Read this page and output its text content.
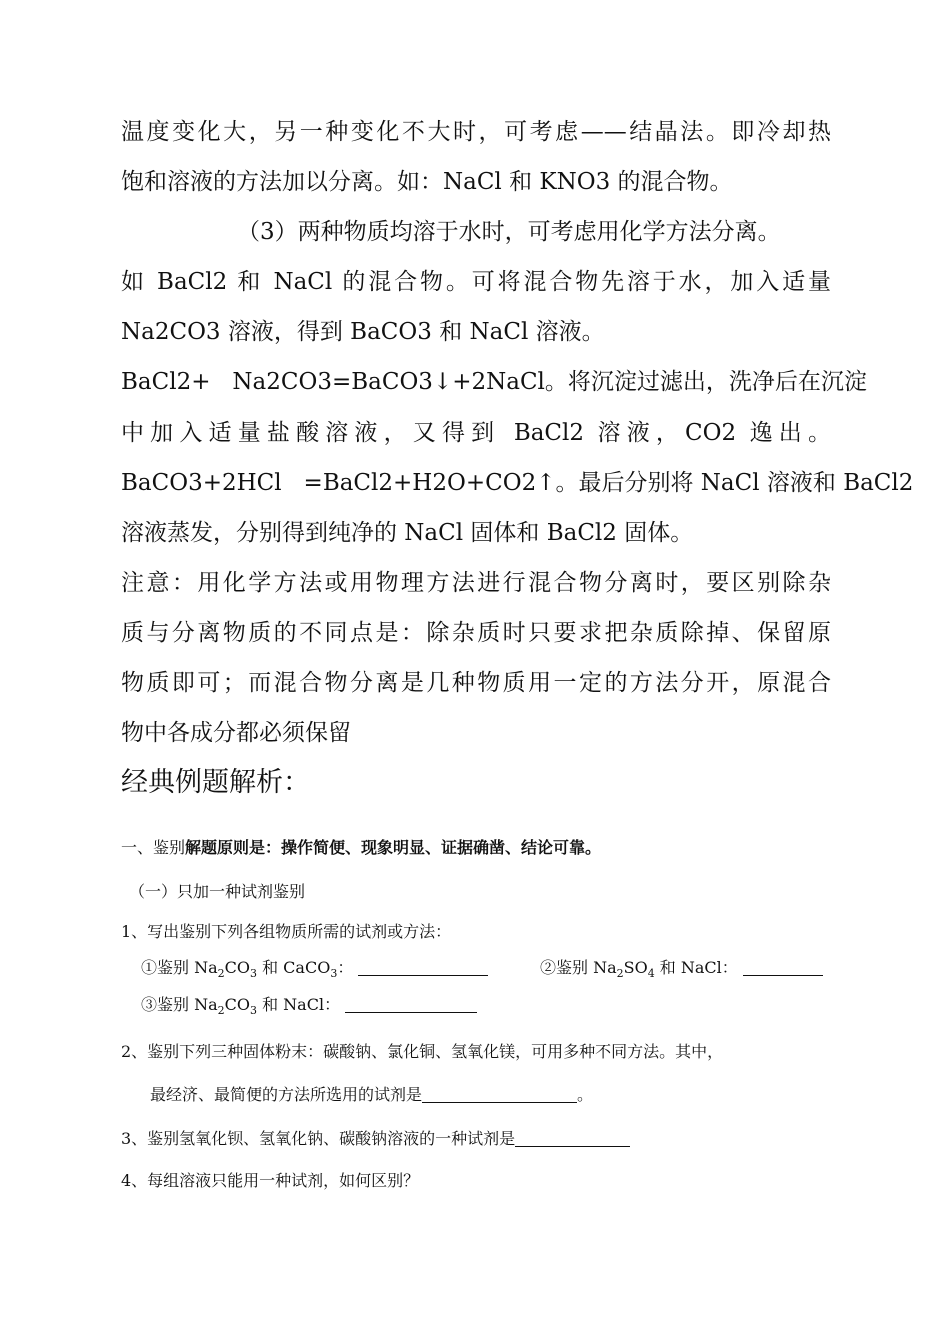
温度变化大，另一种变化不大时，可考虑——结晶法。即冷却热
饱和溶液的方法加以分离。如：NaCl 和 KNO3 的混合物。
（3）两种物质均溶于水时，可考虑用化学方法分离。
如 BaCl2 和 NaCl 的混合物。可将混合物先溶于水，加入适量
Na2CO3 溶液，得到 BaCO3 和 NaCl 溶液。
BaCl2+   Na2CO3=BaCO3↓+2NaCl。将沉淀过滤出，洗净后在沉淀
中加入适量盐酸溶液，又得到 BaCl2 溶液，CO2 逸出。
BaCO3+2HCl   =BaCl2+H2O+CO2↑。最后分别将 NaCl 溶液和 BaCl2
溶液蒸发，分别得到纯净的 NaCl 固体和 BaCl2 固体。
注意：用化学方法或用物理方法进行混合物分离时，要区别除杂
质与分离物质的不同点是：除杂质时只要求把杂质除掉、保留原
物质即可；而混合物分离是几种物质用一定的方法分开，原混合
物中各成分都必须保留
经典例题解析：
一、鉴别解题原则是：操作简便、现象明显、证据确凿、结论可靠。
（一）只加一种试剂鉴别
1、写出鉴别下列各组物质所需的试剂或方法：
①鉴别 $Na_2CO_3$ 和 CaCO$_3$：	②鉴别 $Na_2SO_4$ 和 NaCl：
③鉴别 $Na_2CO_3$ 和 NaCl：
2、鉴别下列三种固体粉末：碳酸钠、氯化铜、氢氧化镁，可用多种不同方法。其中，
最经济、最简便的方法所选用的试剂是	。
3、鉴别氢氧化钡、氢氧化钠、碳酸钠溶液的一种试剂是
4、每组溶液只能用一种试剂，如何区别？
